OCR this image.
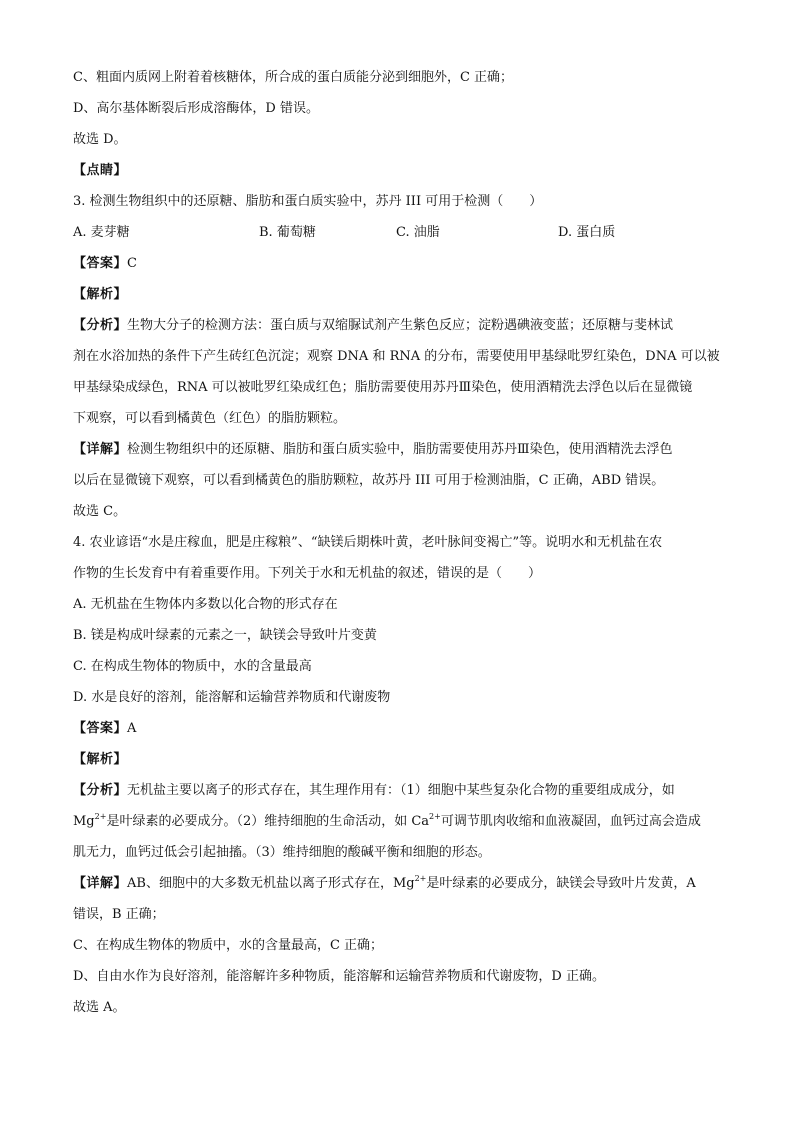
C、粗面内质网上附着着核糖体，所合成的蛋白质能分泌到细胞外，C 正确；
D、高尔基体断裂后形成溶酶体，D 错误。
故选 D。
【点睛】
3. 检测生物组织中的还原糖、脂肪和蛋白质实验中，苏丹 III 可用于检测（　　）
A. 麦芽糖	B. 葡萄糖	C. 油脂	D. 蛋白质
【答案】C
【解析】
【分析】生物大分子的检测方法：蛋白质与双缩脲试剂产生紫色反应；淀粉遇碘液变蓝；还原糖与斐林试
剂在水浴加热的条件下产生砖红色沉淀；观察 DNA 和 RNA 的分布，需要使用甲基绿吡罗红染色，DNA 可以被
甲基绿染成绿色，RNA 可以被吡罗红染成红色；脂肪需要使用苏丹Ⅲ染色，使用酒精洗去浮色以后在显微镜
下观察，可以看到橘黄色（红色）的脂肪颗粒。
【详解】检测生物组织中的还原糖、脂肪和蛋白质实验中，脂肪需要使用苏丹Ⅲ染色，使用酒精洗去浮色
以后在显微镜下观察，可以看到橘黄色的脂肪颗粒，故苏丹 III 可用于检测油脂，C 正确，ABD 错误。
故选 C。
4. 农业谚语“水是庄稼血，肥是庄稼粮”、“缺镁后期株叶黄，老叶脉间变褐亡”等。说明水和无机盐在农
作物的生长发育中有着重要作用。下列关于水和无机盐的叙述，错误的是（　　）
A. 无机盐在生物体内多数以化合物的形式存在
B. 镁是构成叶绿素的元素之一，缺镁会导致叶片变黄
C. 在构成生物体的物质中，水的含量最高
D. 水是良好的溶剂，能溶解和运输营养物质和代谢废物
【答案】A
【解析】
【分析】无机盐主要以离子的形式存在，其生理作用有：（1）细胞中某些复杂化合物的重要组成成分，如
$Mg^{2+}$是叶绿素的必要成分。（2）维持细胞的生命活动，如 $Ca^{2+}$可调节肌肉收缩和血液凝固，血钙过高会造成
肌无力，血钙过低会引起抽搐。（3）维持细胞的酸碱平衡和细胞的形态。
【详解】AB、细胞中的大多数无机盐以离子形式存在，$Mg^{2+}$是叶绿素的必要成分，缺镁会导致叶片发黄，A
错误，B 正确；
C、在构成生物体的物质中，水的含量最高，C 正确；
D、自由水作为良好溶剂，能溶解许多种物质，能溶解和运输营养物质和代谢废物，D 正确。
故选 A。
